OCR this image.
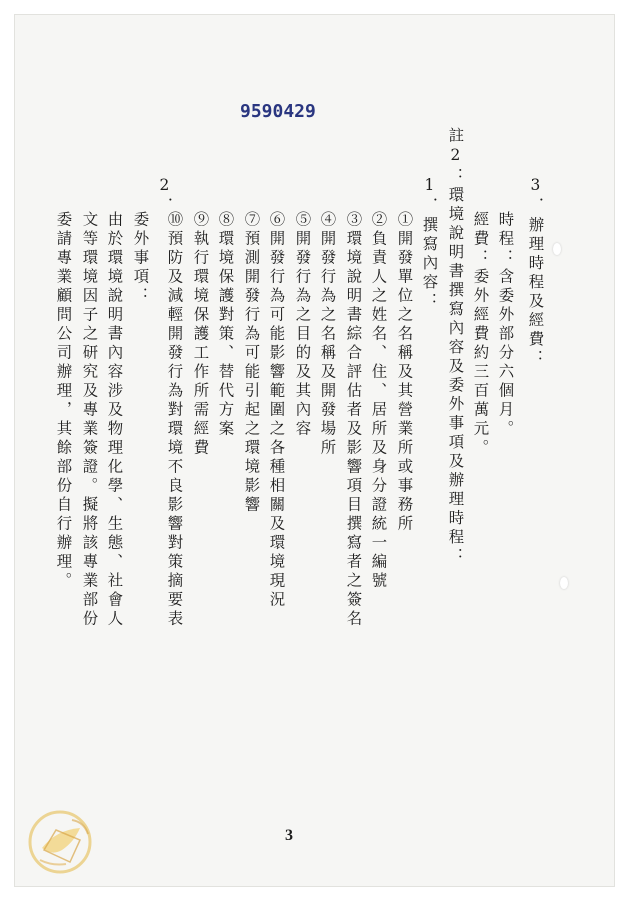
9590429
3．辦理時程及經費：
時程：含委外部分六個月。
經費：委外經費約三百萬元。
註2：環境說明書撰寫內容及委外事項及辦理時程：
1．撰寫內容：
①開發單位之名稱及其營業所或事務所
②負責人之姓名、住、居所及身分證統一編號
③環境說明書綜合評估者及影響項目撰寫者之簽名
④開發行為之名稱及開發場所
⑤開發行為之目的及其內容
⑥開發行為可能影響範圍之各種相關及環境現況
⑦預測開發行為可能引起之環境影響
⑧環境保護對策、替代方案
⑨執行環境保護工作所需經費
⑩預防及減輕開發行為對環境不良影響對策摘要表
2．
委外事項：
由於環境說明書內容涉及物理化學、生態、社會人
文等環境因子之研究及專業簽證。擬將該專業部份
委請專業顧問公司辦理，其餘部份自行辦理。
3
